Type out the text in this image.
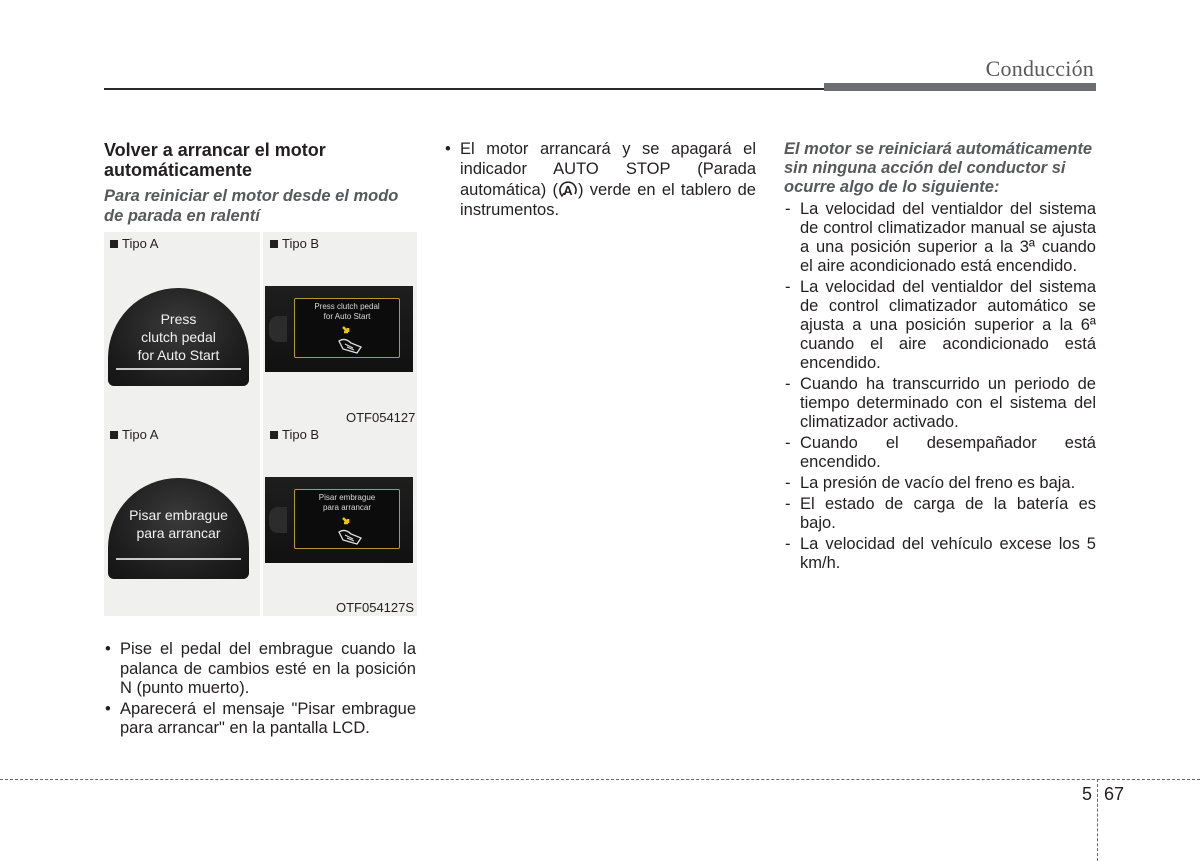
Conducción
Volver a arrancar el motor automáticamente

Para reiniciar el motor desde el modo de parada en ralentí

Tipo A	Tipo B
Press
clutch pedal
for Auto Start
Press clutch pedal
for Auto Start
OTF054127
Tipo A	Tipo B
Pisar embrague
para arrancar
Pisar embrague
para arrancar
OTF054127S
• Pise el pedal del embrague cuando la palanca de cambios esté en la posición N (punto muerto).
• Aparecerá el mensaje "Pisar embrague para arrancar" en la pantalla LCD.
• El motor arrancará y se apagará el indicador AUTO STOP (Parada automática) ( A ) verde en el tablero de instrumentos.

El motor se reiniciará automáticamente sin ninguna acción del conductor si ocurre algo de lo siguiente:

- La velocidad del ventialdor del sistema de control climatizador manual se ajusta a una posición superior a la 3ª cuando el aire acondicionado está encendido.
- La velocidad del ventialdor del sistema de control climatizador automático se ajusta a una posición superior a la 6ª cuando el aire acondicionado está encendido.
- Cuando ha transcurrido un periodo de tiempo determinado con el sistema del climatizador activado.
- Cuando el desempañador está encendido.
- La presión de vacío del freno es baja.
- El estado de carga de la batería es bajo.
- La velocidad del vehículo excese los 5 km/h.
5 67
